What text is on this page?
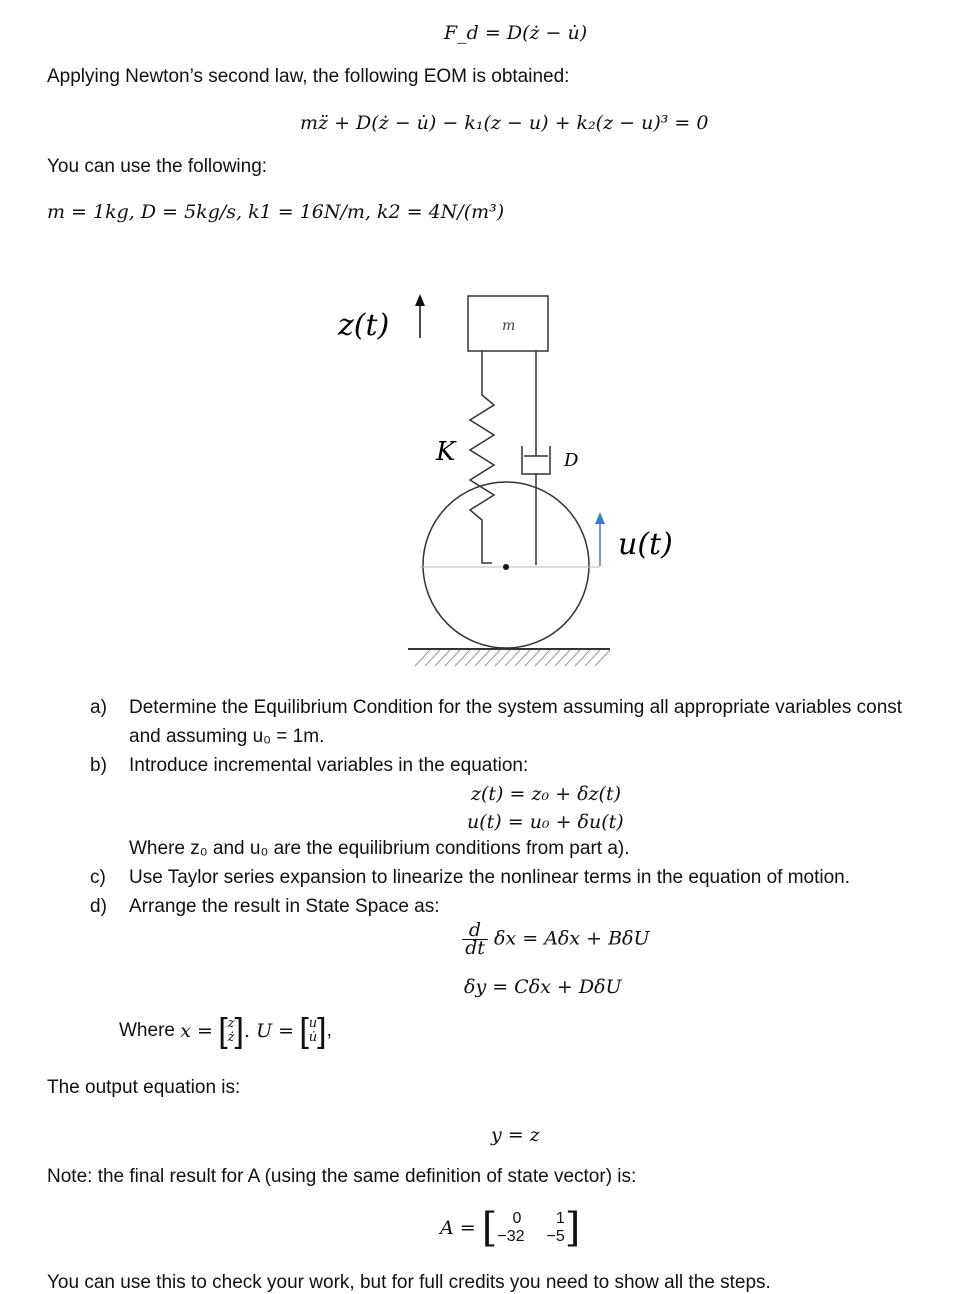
F_d = D(ż − u̇)
Applying Newton’s second law, the following EOM is obtained:
mz̈ + D(ż − u̇) − k₁(z − u) + k₂(z − u)³ = 0
You can use the following:
m = 1kg, D = 5kg/s, k1 = 16N/m, k2 = 4N/(m³)
z(t)	m
K	D
u(t)
a)	Determine the Equilibrium Condition for the system assuming all appropriate variables const
and assuming u₀ = 1m.
b)	Introduce incremental variables in the equation:
z(t) = z₀ + δz(t)
u(t) = u₀ + δu(t)
Where z₀ and u₀ are the equilibrium conditions from part a).
c)	Use Taylor series expansion to linearize the nonlinear terms in the equation of motion.
d)	Arrange the result in State Space as:
$\frac{d}{dt}$ δx = Aδx + BδU
δy = Cδx + DδU
Where
x =
[ z
ż ] . U =
[ u
u̇ ] ,
The output equation is:
y = z
Note: the final result for A (using the same definition of state vector) is:
A =
[ 0	1
−32	−5 ]
You can use this to check your work, but for full credits you need to show all the steps.
